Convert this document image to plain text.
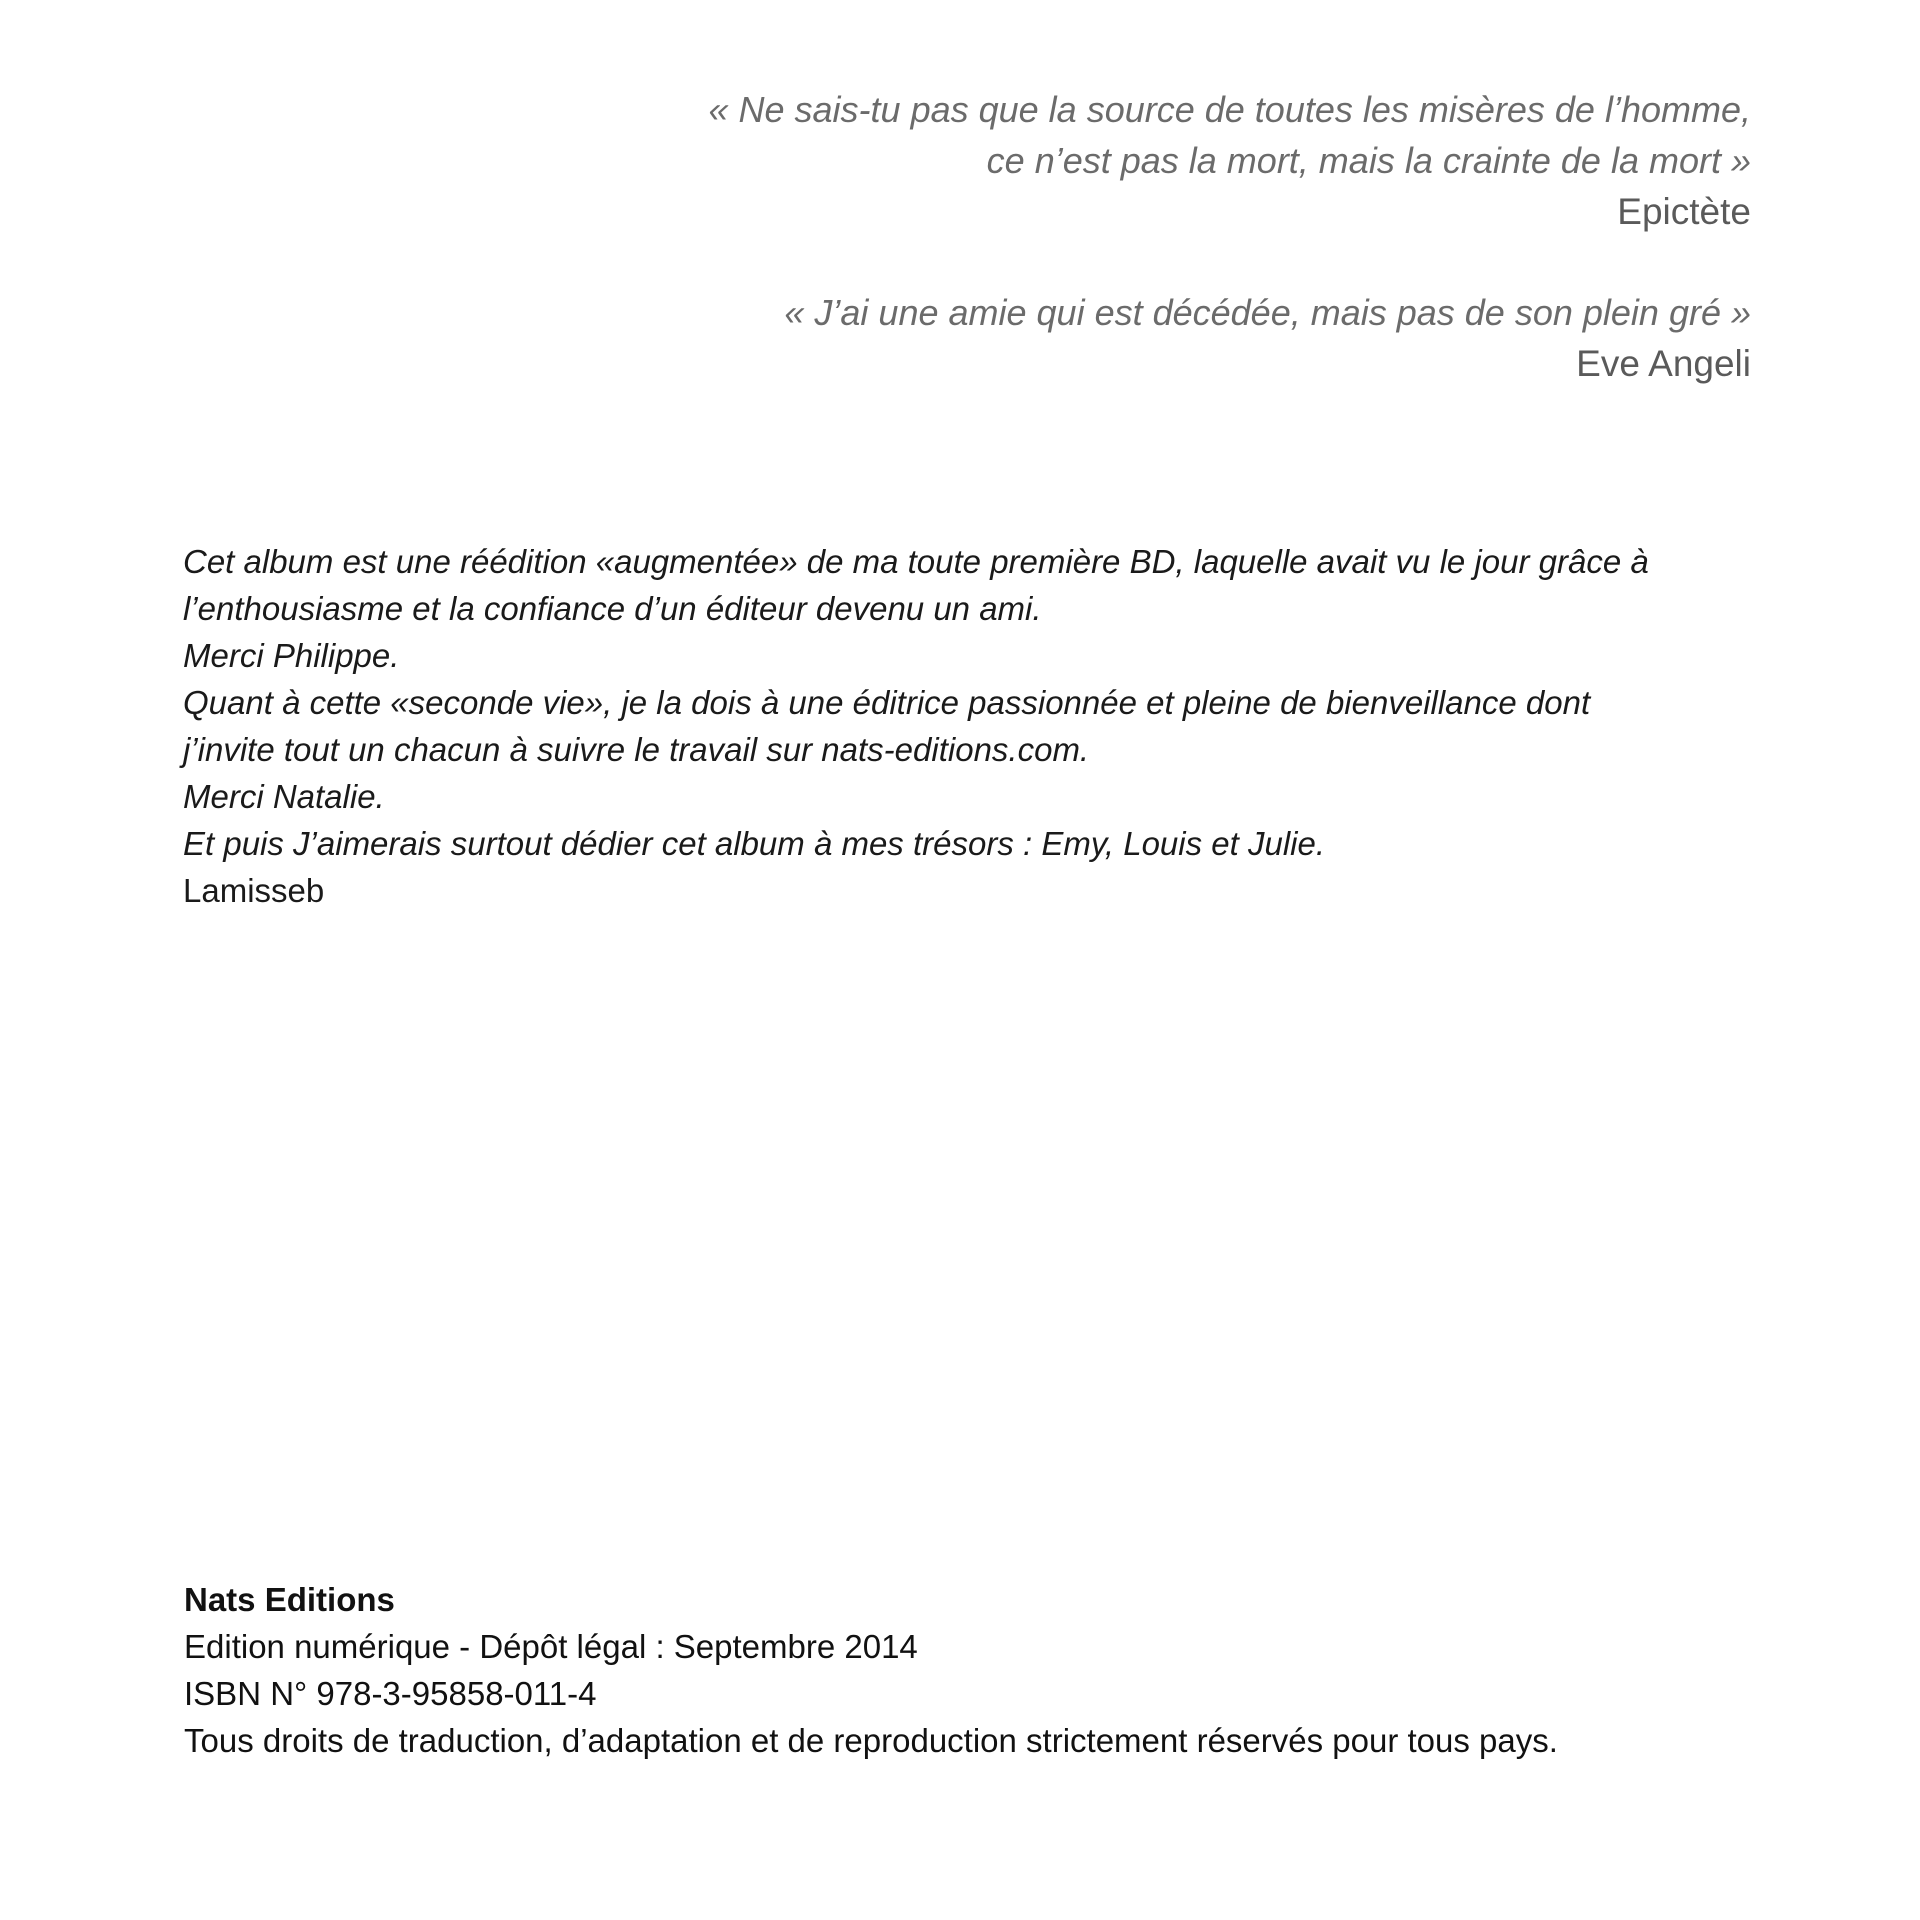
« Ne sais-tu pas que la source de toutes les misères de l’homme,
ce n’est pas la mort, mais la crainte de la mort »
Epictète
« J’ai une amie qui est décédée, mais pas de son plein gré »
Eve Angeli
Cet album est une réédition «augmentée» de ma toute première BD, laquelle avait vu le jour grâce à
l’enthousiasme et la confiance d’un éditeur devenu un ami.
Merci Philippe.
Quant à cette «seconde vie», je la dois à une éditrice passionnée et pleine de bienveillance dont
j’invite tout un chacun à suivre le travail sur nats-editions.com.
Merci Natalie.
Et puis J’aimerais surtout dédier cet album à mes trésors : Emy, Louis et Julie.
Lamisseb
Nats Editions
Edition numérique - Dépôt légal : Septembre 2014
ISBN N° 978-3-95858-011-4
Tous droits de traduction, d’adaptation et de reproduction strictement réservés pour tous pays.
